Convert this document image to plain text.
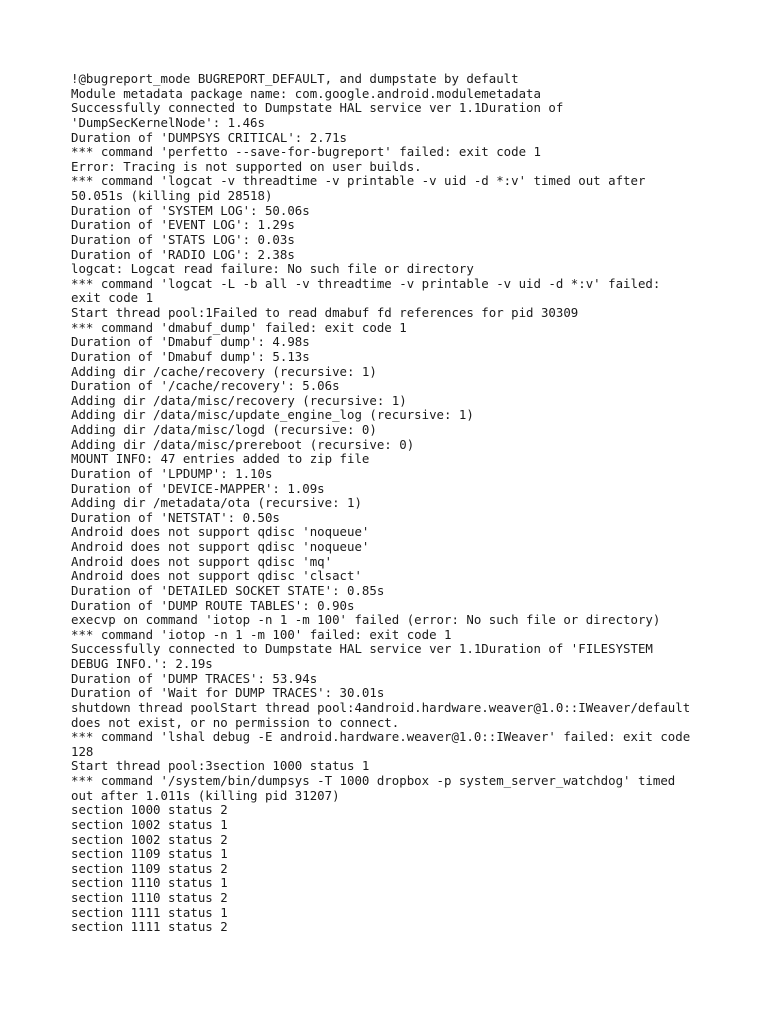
!@bugreport_mode BUGREPORT_DEFAULT, and dumpstate by default

Module metadata package name: com.google.android.modulemetadata

Successfully connected to Dumpstate HAL service ver 1.1Duration of

'DumpSecKernelNode': 1.46s

Duration of 'DUMPSYS CRITICAL': 2.71s

*** command 'perfetto --save-for-bugreport' failed: exit code 1

Error: Tracing is not supported on user builds.

*** command 'logcat -v threadtime -v printable -v uid -d *:v' timed out after

50.051s (killing pid 28518)

Duration of 'SYSTEM LOG': 50.06s

Duration of 'EVENT LOG': 1.29s

Duration of 'STATS LOG': 0.03s

Duration of 'RADIO LOG': 2.38s

logcat: Logcat read failure: No such file or directory

*** command 'logcat -L -b all -v threadtime -v printable -v uid -d *:v' failed:

exit code 1

Start thread pool:1Failed to read dmabuf fd references for pid 30309

*** command 'dmabuf_dump' failed: exit code 1

Duration of 'Dmabuf dump': 4.98s

Duration of 'Dmabuf dump': 5.13s

Adding dir /cache/recovery (recursive: 1)

Duration of '/cache/recovery': 5.06s

Adding dir /data/misc/recovery (recursive: 1)

Adding dir /data/misc/update_engine_log (recursive: 1)

Adding dir /data/misc/logd (recursive: 0)

Adding dir /data/misc/prereboot (recursive: 0)

MOUNT INFO: 47 entries added to zip file

Duration of 'LPDUMP': 1.10s

Duration of 'DEVICE-MAPPER': 1.09s

Adding dir /metadata/ota (recursive: 1)

Duration of 'NETSTAT': 0.50s

Android does not support qdisc 'noqueue'

Android does not support qdisc 'noqueue'

Android does not support qdisc 'mq'

Android does not support qdisc 'clsact'

Duration of 'DETAILED SOCKET STATE': 0.85s

Duration of 'DUMP ROUTE TABLES': 0.90s

execvp on command 'iotop -n 1 -m 100' failed (error: No such file or directory)

*** command 'iotop -n 1 -m 100' failed: exit code 1

Successfully connected to Dumpstate HAL service ver 1.1Duration of 'FILESYSTEM

DEBUG INFO.': 2.19s

Duration of 'DUMP TRACES': 53.94s

Duration of 'Wait for DUMP TRACES': 30.01s

shutdown thread poolStart thread pool:4android.hardware.weaver@1.0::IWeaver/default

does not exist, or no permission to connect.

*** command 'lshal debug -E android.hardware.weaver@1.0::IWeaver' failed: exit code

128

Start thread pool:3section 1000 status 1

*** command '/system/bin/dumpsys -T 1000 dropbox -p system_server_watchdog' timed

out after 1.011s (killing pid 31207)

section 1000 status 2

section 1002 status 1

section 1002 status 2

section 1109 status 1

section 1109 status 2

section 1110 status 1

section 1110 status 2

section 1111 status 1

section 1111 status 2
